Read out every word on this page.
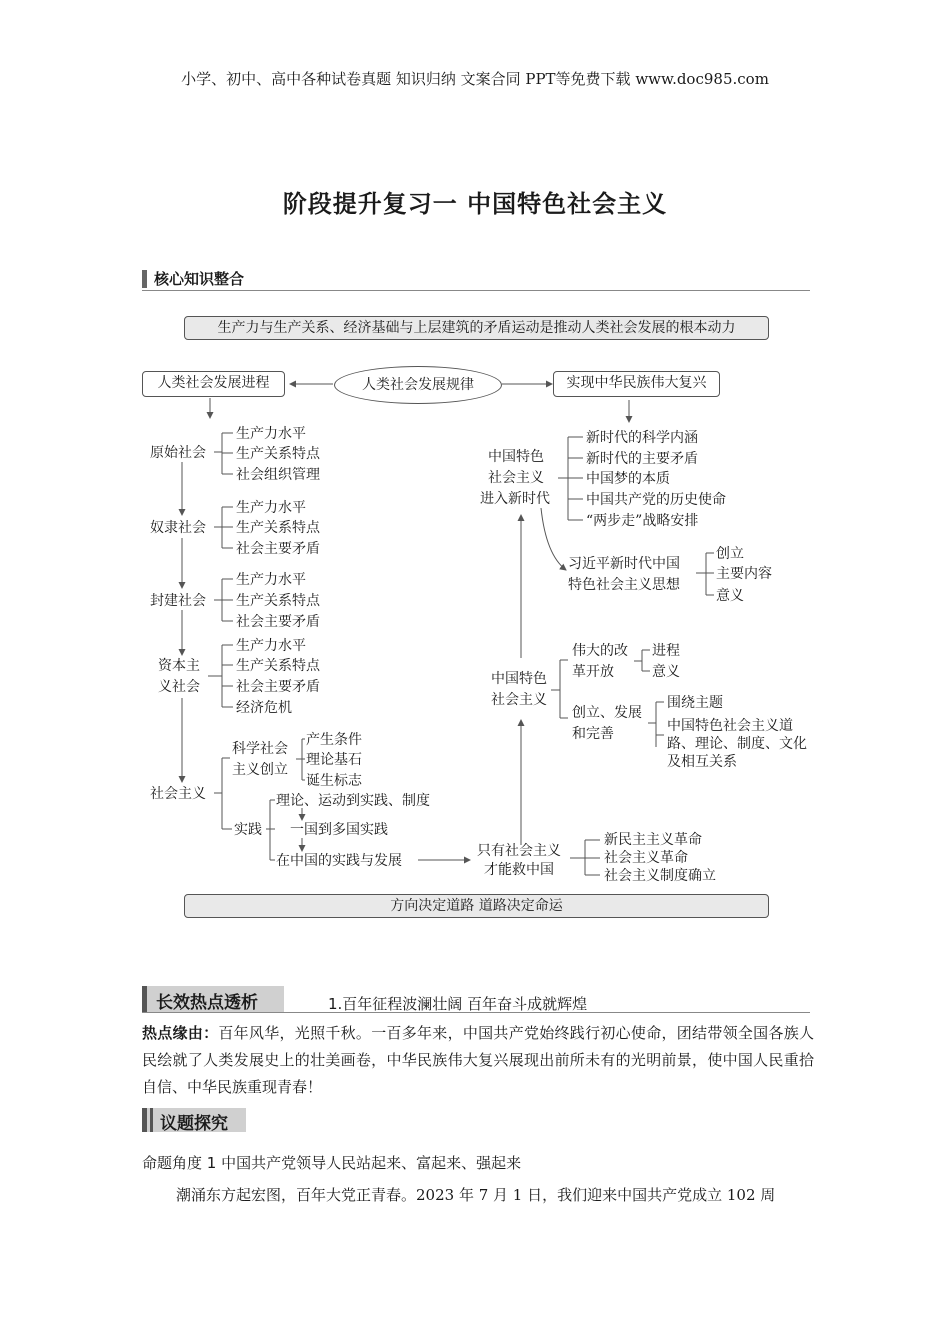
小学、初中、高中各种试卷真题 知识归纳 文案合同 PPT等免费下载 www.doc985.com
阶段提升复习一 中国特色社会主义
核心知识整合
生产力与生产关系、经济基础与上层建筑的矛盾运动是推动人类社会发展的根本动力
人类社会发展进程	人类社会发展规律	实现中华民族伟大复兴
原始社会
生产力水平
生产关系特点
社会组织管理
奴隶社会
生产力水平
生产关系特点
社会主要矛盾
封建社会
生产力水平
生产关系特点
社会主要矛盾
资本主
义社会
生产力水平
生产关系特点
社会主要矛盾
经济危机
社会主义
科学社会
主义创立
产生条件
理论基石
诞生标志
实践
理论、运动到实践、制度
一国到多国实践
在中国的实践与发展
只有社会主义
才能救中国
新民主主义革命
社会主义革命
社会主义制度确立
中国特色
社会主义
伟大的改
革开放
进程
意义
创立、发展
和完善
围绕主题
中国特色社会主义道
路、理论、制度、文化
及相互关系
中国特色
社会主义
进入新时代
新时代的科学内涵
新时代的主要矛盾
中国梦的本质
中国共产党的历史使命
“两步走”战略安排
习近平新时代中国
特色社会主义思想
创立
主要内容
意义
方向决定道路 道路决定命运
长效热点透析	1.百年征程波澜壮阔 百年奋斗成就辉煌
热点缘由：百年风华，光照千秋。一百多年来，中国共产党始终践行初心使命，团结带领全国各族人民绘就了人类发展史上的壮美画卷，中华民族伟大复兴展现出前所未有的光明前景，使中国人民重拾自信、中华民族重现青春！
议题探究
命题角度 1 中国共产党领导人民站起来、富起来、强起来
潮涌东方起宏图，百年大党正青春。2023 年 7 月 1 日，我们迎来中国共产党成立 102 周
